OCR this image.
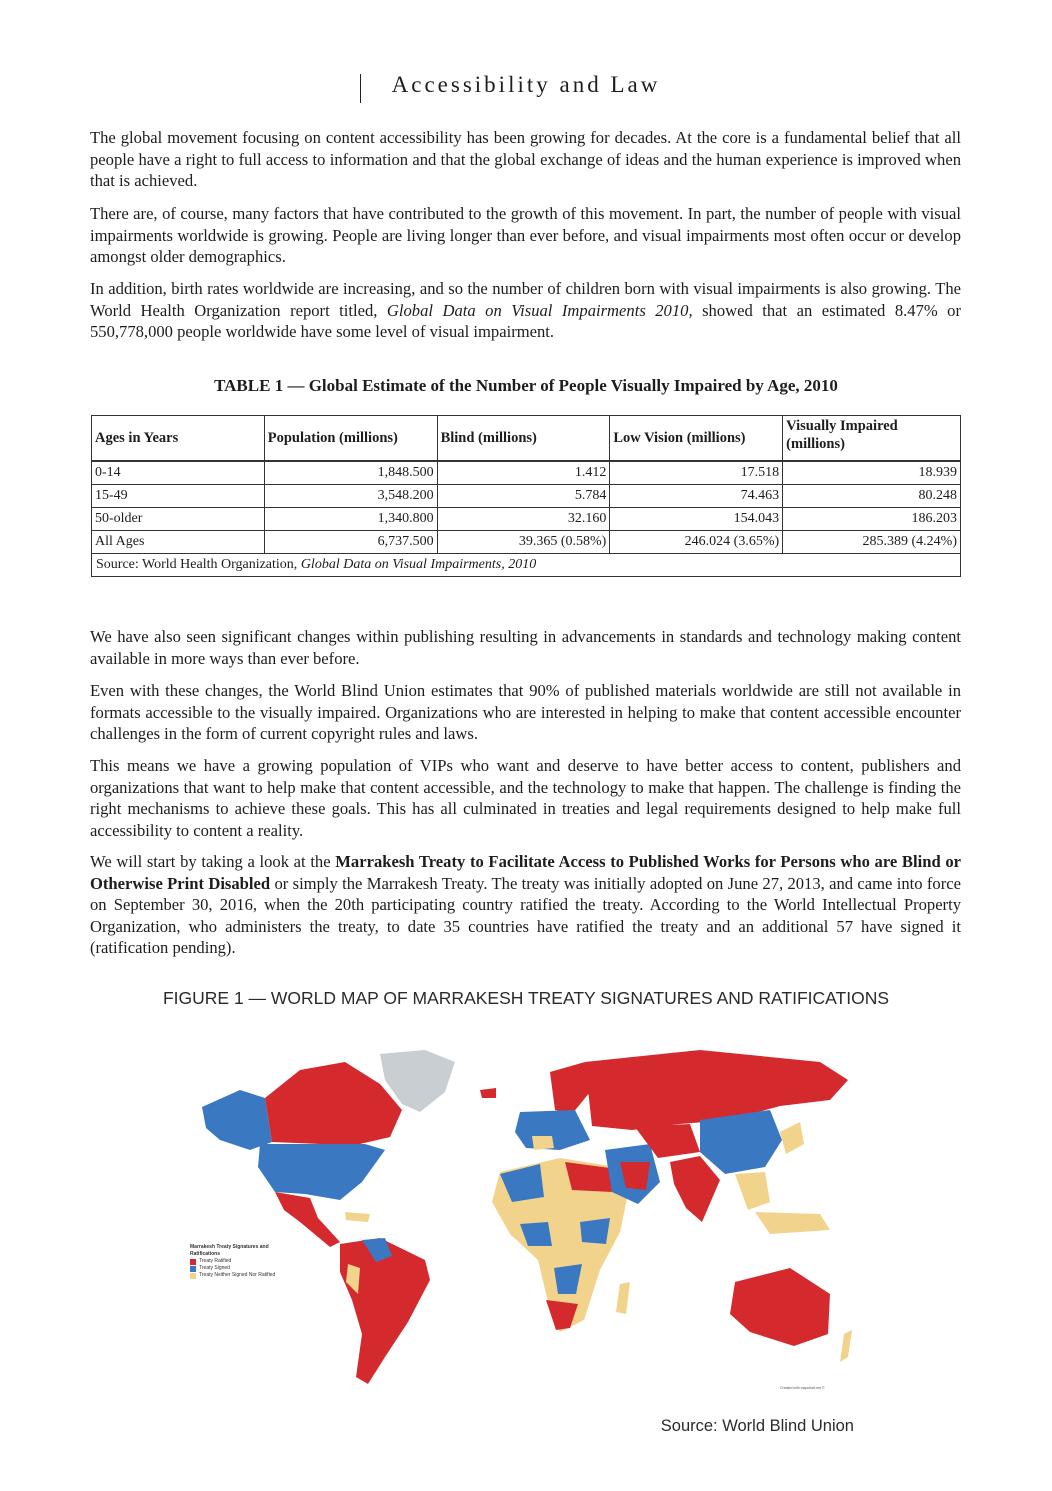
Accessibility and Law

The global movement focusing on content accessibility has been growing for decades. At the core is a fundamental belief that all people have a right to full access to information and that the global exchange of ideas and the human experience is improved when that is achieved.

There are, of course, many factors that have contributed to the growth of this movement. In part, the number of people with visual impairments worldwide is growing. People are living longer than ever before, and visual impairments most often occur or develop amongst older demographics.

In addition, birth rates worldwide are increasing, and so the number of children born with visual impairments is also growing. The World Health Organization report titled, Global Data on Visual Impairments 2010, showed that an estimated 8.47% or 550,778,000 people worldwide have some level of visual impairment.

TABLE 1 — Global Estimate of the Number of People Visually Impaired by Age, 2010
Ages in Years	Population (millions)	Blind (millions)	Low Vision (millions)	Visually Impaired (millions)
0-14	1,848.500	1.412	17.518	18.939
15-49	3,548.200	5.784	74.463	80.248
50-older	1,340.800	32.160	154.043	186.203
All Ages	6,737.500	39.365 (0.58%)	246.024 (3.65%)	285.389 (4.24%)
Source: World Health Organization, Global Data on Visual Impairments, 2010				

We have also seen significant changes within publishing resulting in advancements in standards and technology making content available in more ways than ever before.

Even with these changes, the World Blind Union estimates that 90% of published materials worldwide are still not available in formats accessible to the visually impaired. Organizations who are interested in helping to make that content accessible encounter challenges in the form of current copyright rules and laws.

This means we have a growing population of VIPs who want and deserve to have better access to content, publishers and organizations that want to help make that content accessible, and the technology to make that happen. The challenge is finding the right mechanisms to achieve these goals. This has all culminated in treaties and legal requirements designed to help make full accessibility to content a reality.

We will start by taking a look at the Marrakesh Treaty to Facilitate Access to Published Works for Persons who are Blind or Otherwise Print Disabled or simply the Marrakesh Treaty. The treaty was initially adopted on June 27, 2013, and came into force on September 30, 2016, when the 20th participating country ratified the treaty. According to the World Intellectual Property Organization, who administers the treaty, to date 35 countries have ratified the treaty and an additional 57 have signed it (ratification pending).

FIGURE 1 — WORLD MAP OF MARRAKESH TREATY SIGNATURES AND RATIFICATIONS
Marrakesh Treaty Signatures and Ratifications
Treaty Ratified
Treaty Signed
Treaty Neither Signed Nor Ratified
Created with mapchart.net ©
Source: World Blind Union
